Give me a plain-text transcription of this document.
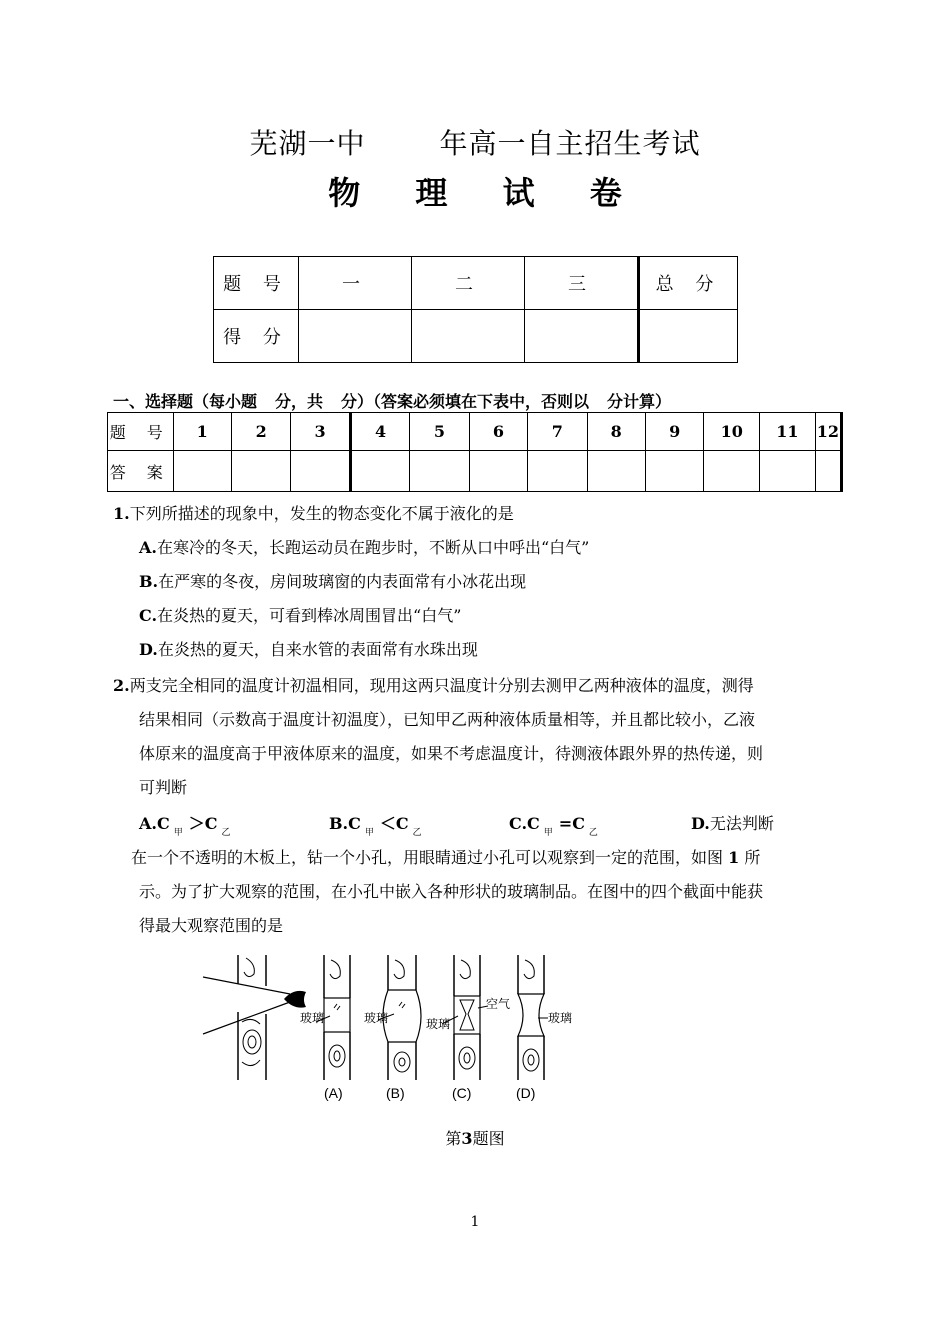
芜湖一中	年高一自主招生考试
物 理 试 卷
题 号	一	二	三	总 分
得 分				
一、选择题（每小题 分，共 分）（答案必须填在下表中，否则以 分计算）
题 号	1	2	3	4	5	6	7	8	9	10	11	12
答 案												
1.下列所描述的现象中，发生的物态变化不属于液化的是
A.在寒冷的冬天，长跑运动员在跑步时，不断从口中呼出“白气”
B.在严寒的冬夜，房间玻璃窗的内表面常有小冰花出现
C.在炎热的夏天，可看到棒冰周围冒出“白气”
D.在炎热的夏天，自来水管的表面常有水珠出现
2.两支完全相同的温度计初温相同，现用这两只温度计分别去测甲乙两种液体的温度，测得
结果相同（示数高于温度计初温度），已知甲乙两种液体质量相等，并且都比较小，乙液
体原来的温度高于甲液体原来的温度，如果不考虑温度计，待测液体跟外界的热传递，则
可判断
A.C $_甲$ ＞C $_乙$	B.C $_甲$ ＜C $_乙$	C.C $_甲$ =C $_乙$	D.无法判断
在一个不透明的木板上，钻一个小孔，用眼睛通过小孔可以观察到一定的范围，如图 1 所
示。为了扩大观察的范围，在小孔中嵌入各种形状的玻璃制品。在图中的四个截面中能获
得最大观察范围的是
玻璃	玻璃	玻璃
空气
玻璃
(A)	(B)	(C)	(D)
第3题图
1
